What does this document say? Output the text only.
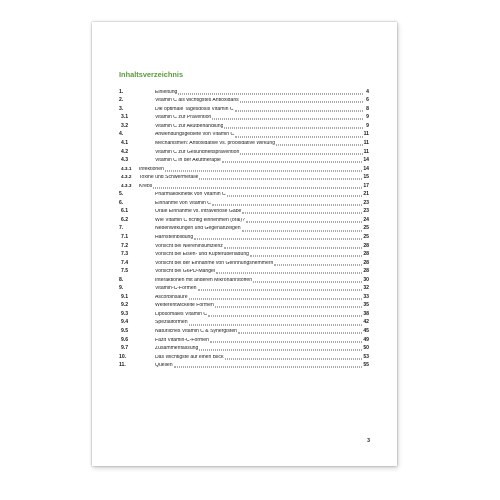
Inhaltsverzeichnis
1.	Einleitung	4
2.	Vitamin C als wichtigstes Antioxidans	6
3.	Die optimale Tagesdosis Vitamin C	8
3.1	Vitamin C zur Prävention	9
3.2	Vitamin C zur Akutbehandlung	9
4.	Anwendungsgebiete von Vitamin C	11
4.1	Mechanismen: Antioxidative vs. prooxidative Wirkung	11
4.2	Vitamin C zur Gesundheitsprävention	11
4.3	Vitamin C in der Akuttherapie	14
4.3.1	Infektionen	14
4.3.2	Toxine und Schwermetalle	15
4.3.3	Krebs	17
5.	Pharmakokinetik von Vitamin C	21
6.	Einnahme von Vitamin C	23
6.1	Orale Einnahme vs. intravenöse Gabe	23
6.2	Wie Vitamin C richtig einnehmen (oral)?	24
7.	Nebenwirkungen und Gegenanzeigen	25
7.1	Harnsteinbildung	25
7.2	Vorsicht bei Niereninsuffizienz	28
7.3	Vorsicht bei Eisen- und Kupferüberladung	28
7.4	Vorsicht bei der Einnahme von Gerinnungshemmern	28
7.5	Vorsicht bei G6PD-Mangel	28
8.	Interaktionen mit anderen Mikronährstoffen	30
9.	Vitamin-C-Formen	32
9.1	Ascorbinsäure	33
9.2	Weiterentwickelte Formen	35
9.3	Liposomales Vitamin C	38
9.4	Spezialformen	42
9.5	Natürliches Vitamin C & Synergisten	45
9.6	Fazit Vitamin-C-Formen	49
9.7	Zusammenfassung	50
10.	Das Wichtigste auf einen Blick	53
11.	Quellen	55
3
